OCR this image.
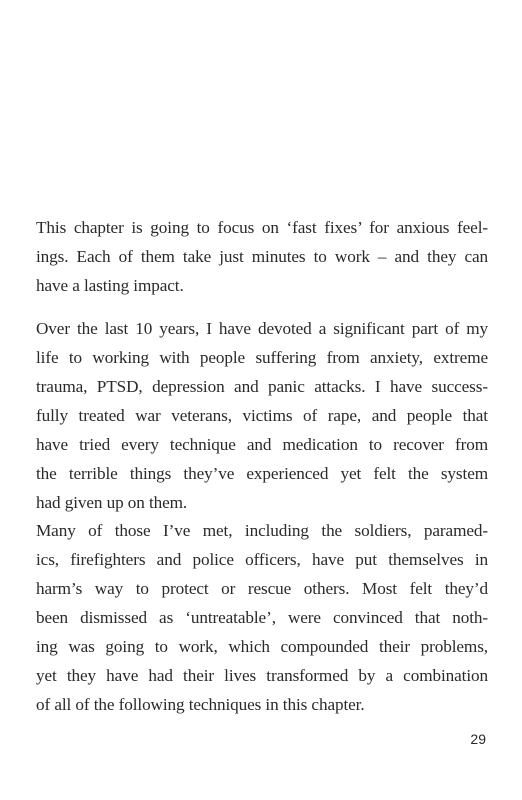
This chapter is going to focus on ‘fast fixes’ for anxious feel-
ings. Each of them take just minutes to work – and they can
have a lasting impact.
Over the last 10 years, I have devoted a significant part of my
life to working with people suffering from anxiety, extreme
trauma, PTSD, depression and panic attacks. I have success-
fully treated war veterans, victims of rape, and people that
have tried every technique and medication to recover from
the terrible things they’ve experienced yet felt the system
had given up on them.
Many of those I’ve met, including the soldiers, paramed-
ics, firefighters and police officers, have put themselves in
harm’s way to protect or rescue others. Most felt they’d
been dismissed as ‘untreatable’, were convinced that noth-
ing was going to work, which compounded their problems,
yet they have had their lives transformed by a combination
of all of the following techniques in this chapter.
29
